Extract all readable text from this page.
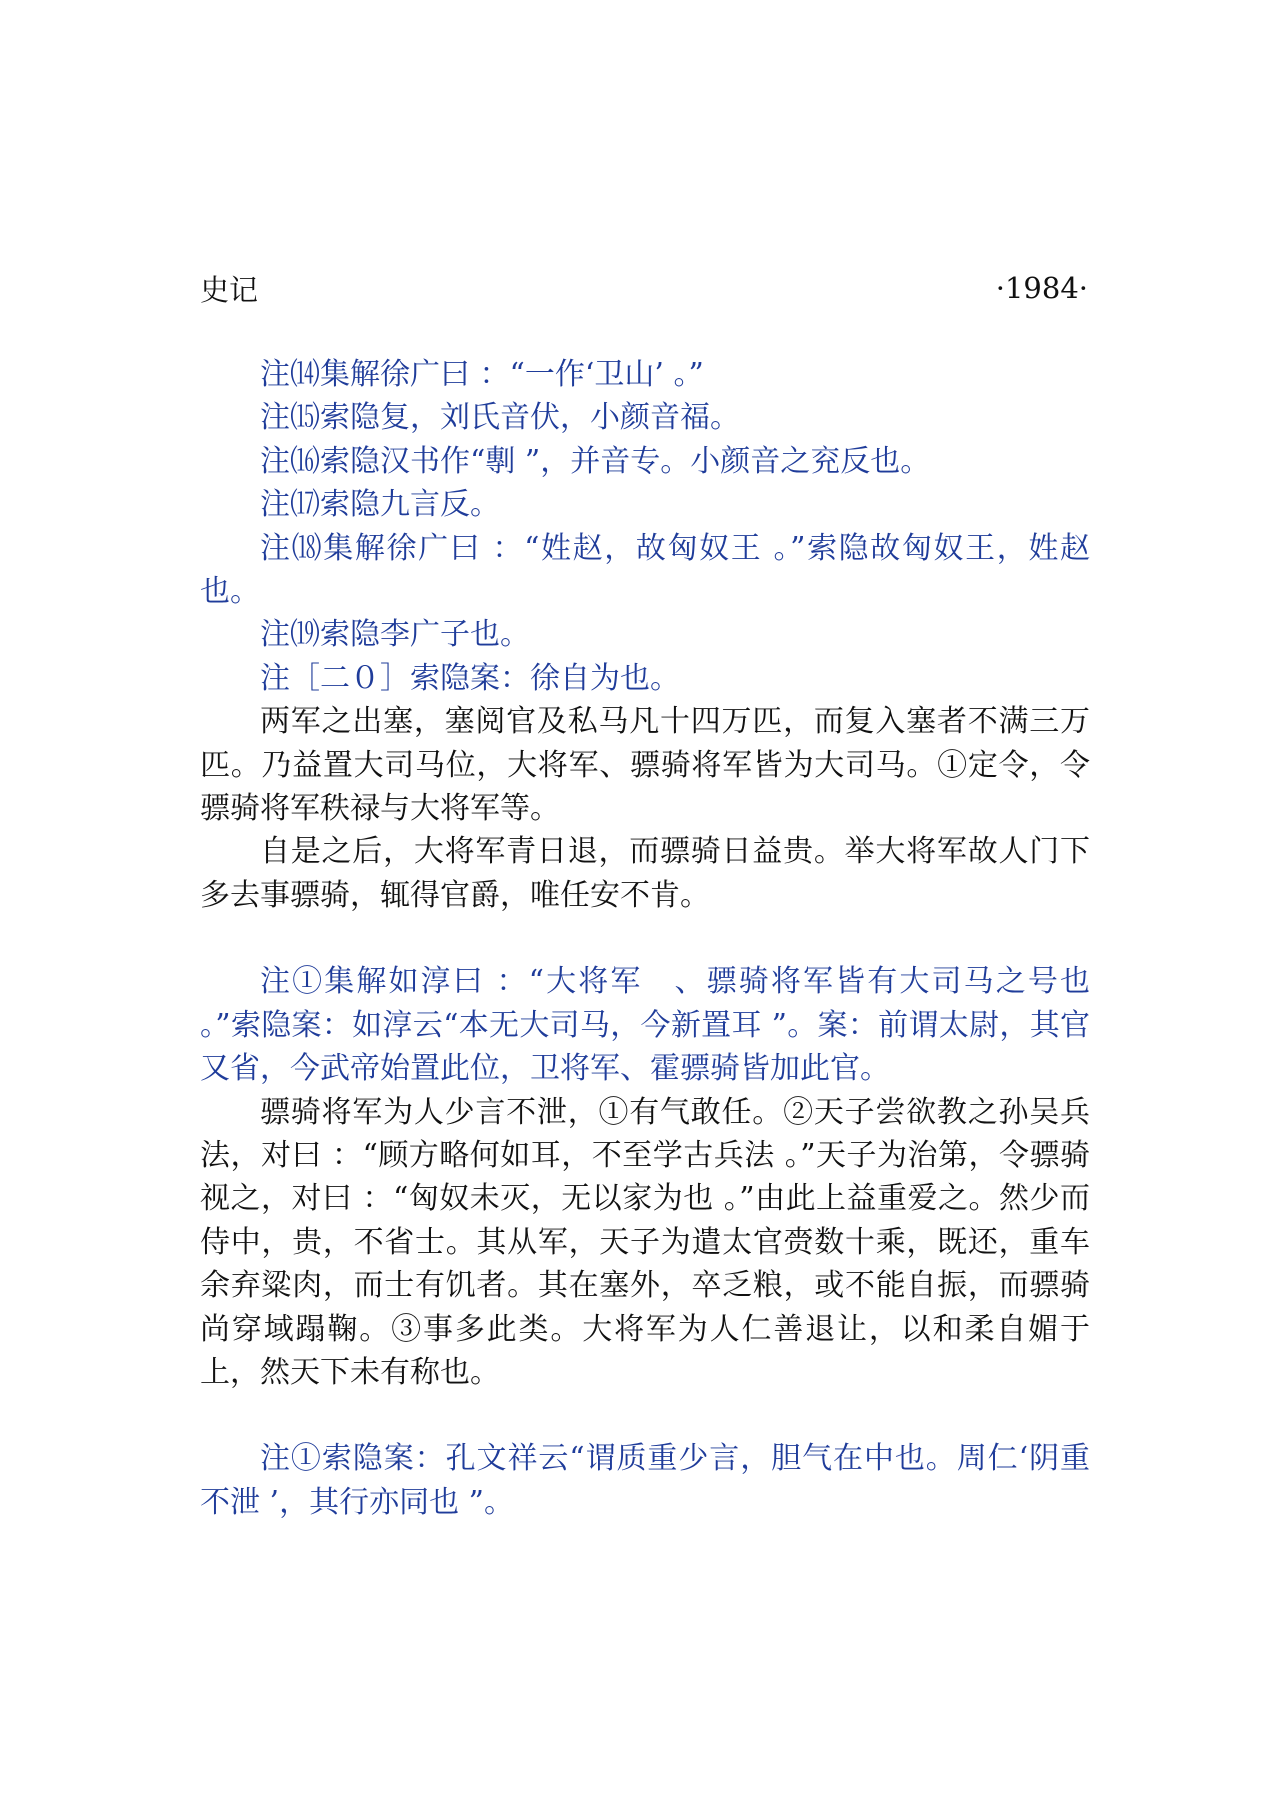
史记	·1984·

注⒁集解徐广曰 ：“一作‘卫山’ 。”

注⒂索隐复，刘氏音伏，小颜音福。

注⒃索隐汉书作“剸 ”，并音专。小颜音之兖反也。

注⒄索隐九言反。

注⒅集解徐广曰 ：“姓赵，故匈奴王 。”索隐故匈奴王，姓赵也。

注⒆索隐李广子也。

注［二０］索隐案：徐自为也。

两军之出塞，塞阅官及私马凡十四万匹，而复入塞者不满三万匹。乃益置大司马位，大将军、骠骑将军皆为大司马。①定令，令骠骑将军秩禄与大将军等。

自是之后，大将军青日退，而骠骑日益贵。举大将军故人门下多去事骠骑，辄得官爵，唯任安不肯。

注①集解如淳曰 ：“大将军　、骠骑将军皆有大司马之号也 。”索隐案：如淳云“本无大司马，今新置耳 ”。案：前谓太尉，其官又省，今武帝始置此位，卫将军、霍骠骑皆加此官。

骠骑将军为人少言不泄，①有气敢任。②天子尝欲教之孙吴兵法，对曰 ：“顾方略何如耳，不至学古兵法 。”天子为治第，令骠骑视之，对曰 ：“匈奴未灭，无以家为也 。”由此上益重爱之。然少而侍中，贵，不省士。其从军，天子为遣太官赍数十乘，既还，重车余弃粱肉，而士有饥者。其在塞外，卒乏粮，或不能自振，而骠骑尚穿域蹋鞠。③事多此类。大将军为人仁善退让，以和柔自媚于上，然天下未有称也。

注①索隐案：孔文祥云“谓质重少言，胆气在中也。周仁‘阴重不泄 ’，其行亦同也 ”。
